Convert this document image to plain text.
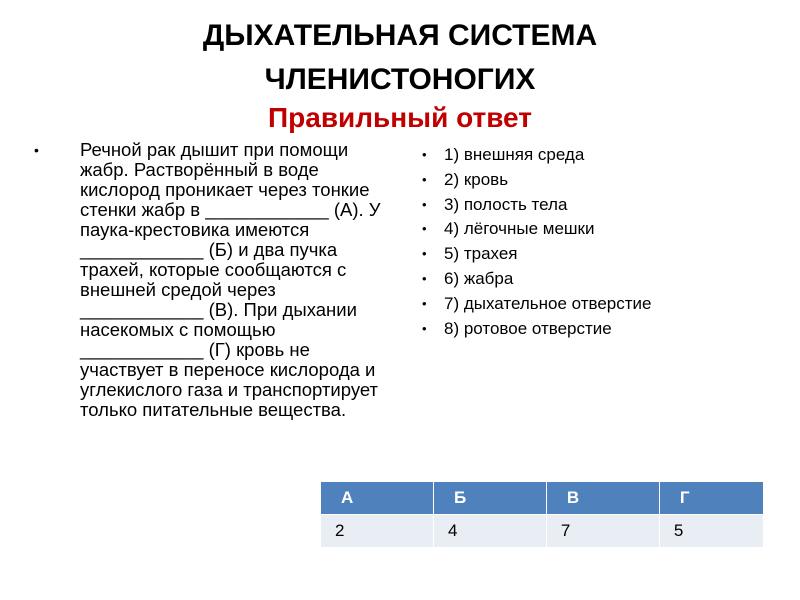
ДЫХАТЕЛЬНАЯ СИСТЕМА

ЧЛЕНИСТОНОГИХ
Правильный ответ
•	Речной рак дышит при помощи жабр. Растворённый в воде кислород проникает через тонкие стенки жабр в ____________ (А). У паука-крестовика имеются ____________ (Б) и два пучка трахей, которые сообщаются с внешней средой через ____________ (В). При дыхании насекомых с помощью ____________ (Г) кровь не участвует в переносе кислорода и углекислого газа и транспортирует только питательные вещества.

• 1) внешняя среда
• 2) кровь
• 3) полость тела
• 4) лёгочные мешки
• 5) трахея
• 6) жабра
• 7) дыхательное отверстие
• 8) ротовое отверстие
А	Б	В	Г
2	4	7	5
